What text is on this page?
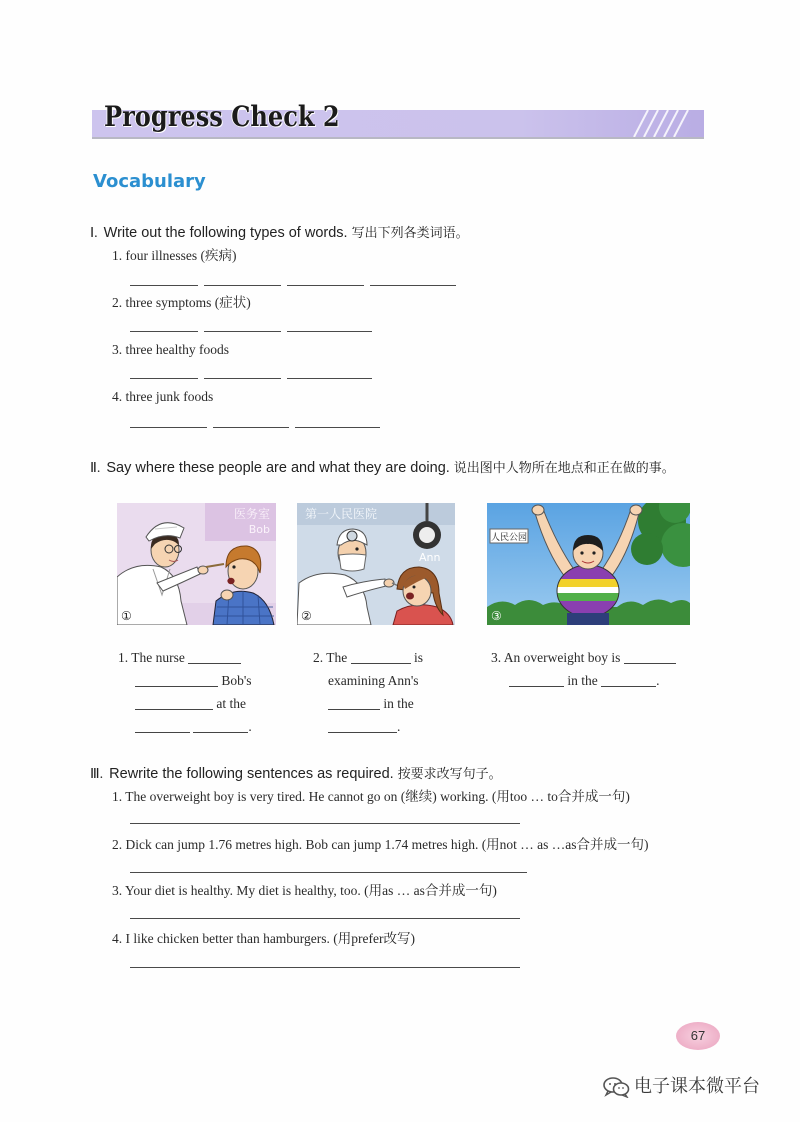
Progress Check 2
Vocabulary
Ⅰ. Write out the following types of words. 写出下列各类词语。
1. four illnesses (疾病)
2. three symptoms (症状)
3. three healthy foods
4. three junk foods
Ⅱ. Say where these people are and what they are doing. 说出图中人物所在地点和正在做的事。
医务室
Bob
①
第一人民医院
Ann
②
人民公园
③
1. The nurse
Bob's
at the
.
2. The	is
examining Ann's
in the
.
3. An overweight boy is
in the	.
Ⅲ. Rewrite the following sentences as required. 按要求改写句子。
1. The overweight boy is very tired. He cannot go on (继续) working. (用too … to合并成一句)
2. Dick can jump 1.76 metres high. Bob can jump 1.74 metres high. (用not … as …as合并成一句)
3. Your diet is healthy. My diet is healthy, too. (用as … as合并成一句)
4. I like chicken better than hamburgers. (用prefer改写)
67
电子课本微平台
